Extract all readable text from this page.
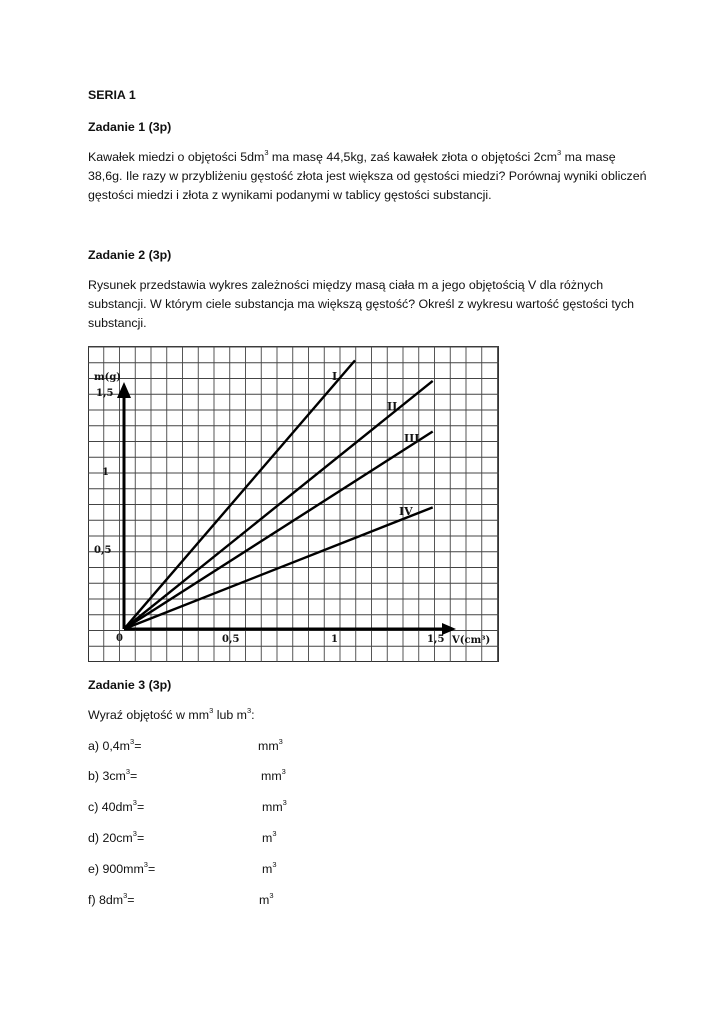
SERIA 1

Zadanie 1 (3p)

Kawałek miedzi o objętości $5dm^3$ ma masę 44,5kg, zaś kawałek złota o objętości $2cm^3$ ma masę
38,6g. Ile razy w przybliżeniu gęstość złota jest większa od gęstości miedzi? Porównaj wyniki obliczeń
gęstości miedzi i złota z wynikami podanymi w tablicy gęstości substancji.

Zadanie 2 (3p)

Rysunek przedstawia wykres zależności między masą ciała m a jego objętością V dla różnych
substancji. W którym ciele substancja ma większą gęstość? Określ z wykresu wartość gęstości tych
substancji.
I
II
III
IV
m(g)
V(cm³)
0	0,5	1	1,5
0,5
1
1,5

Zadanie 3 (3p)

Wyraź objętość w $mm^3$ lub $m^3$:
a) $0,4m^3=$	$mm^3$
b) $3cm^3=$	$mm^3$
c) $40dm^3=$	$mm^3$
d) $20cm^3=$	$m^3$
e) $900mm^3=$	$m^3$
f) $8dm^3=$	$m^3$
